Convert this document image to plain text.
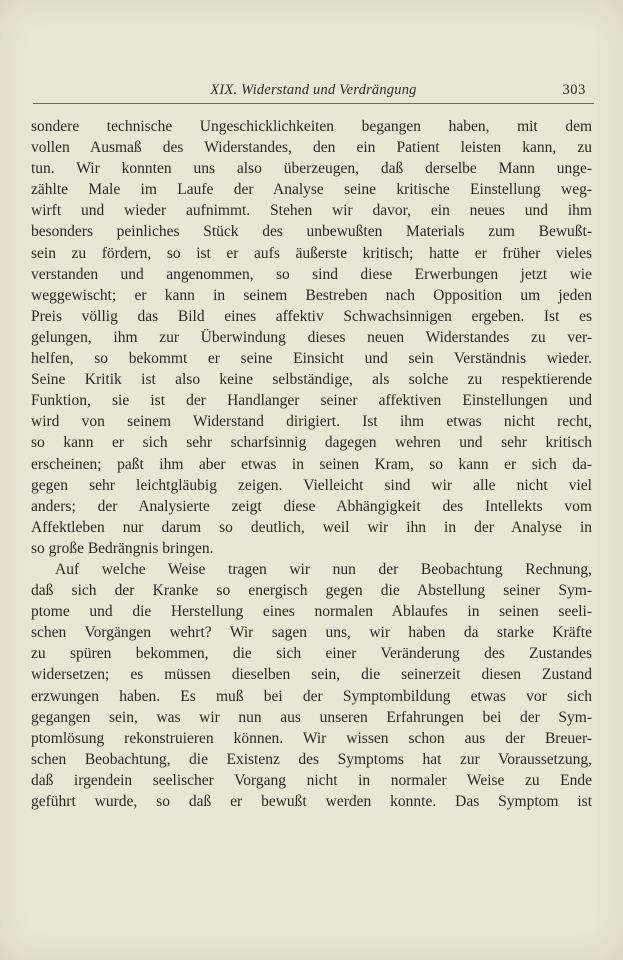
XIX. Widerstand und Verdrängung	303
sondere technische Ungeschicklichkeiten begangen haben, mit dem
vollen Ausmaß des Widerstandes, den ein Patient leisten kann, zu
tun. Wir konnten uns also überzeugen, daß derselbe Mann unge-
zählte Male im Laufe der Analyse seine kritische Einstellung weg-
wirft und wieder aufnimmt. Stehen wir davor, ein neues und ihm
besonders peinliches Stück des unbewußten Materials zum Bewußt-
sein zu fördern, so ist er aufs äußerste kritisch; hatte er früher vieles
verstanden und angenommen, so sind diese Erwerbungen jetzt wie
weggewischt; er kann in seinem Bestreben nach Opposition um jeden
Preis völlig das Bild eines affektiv Schwachsinnigen ergeben. Ist es
gelungen, ihm zur Überwindung dieses neuen Widerstandes zu ver-
helfen, so bekommt er seine Einsicht und sein Verständnis wieder.
Seine Kritik ist also keine selbständige, als solche zu respektierende
Funktion, sie ist der Handlanger seiner affektiven Einstellungen und
wird von seinem Widerstand dirigiert. Ist ihm etwas nicht recht,
so kann er sich sehr scharfsinnig dagegen wehren und sehr kritisch
erscheinen; paßt ihm aber etwas in seinen Kram, so kann er sich da-
gegen sehr leichtgläubig zeigen. Vielleicht sind wir alle nicht viel
anders; der Analysierte zeigt diese Abhängigkeit des Intellekts vom
Affektleben nur darum so deutlich, weil wir ihn in der Analyse in
so große Bedrängnis bringen.
Auf welche Weise tragen wir nun der Beobachtung Rechnung,
daß sich der Kranke so energisch gegen die Abstellung seiner Sym-
ptome und die Herstellung eines normalen Ablaufes in seinen seeli-
schen Vorgängen wehrt? Wir sagen uns, wir haben da starke Kräfte
zu spüren bekommen, die sich einer Veränderung des Zustandes
widersetzen; es müssen dieselben sein, die seinerzeit diesen Zustand
erzwungen haben. Es muß bei der Symptombildung etwas vor sich
gegangen sein, was wir nun aus unseren Erfahrungen bei der Sym-
ptomlösung rekonstruieren können. Wir wissen schon aus der Breuer-
schen Beobachtung, die Existenz des Symptoms hat zur Voraussetzung,
daß irgendein seelischer Vorgang nicht in normaler Weise zu Ende
geführt wurde, so daß er bewußt werden konnte. Das Symptom ist
